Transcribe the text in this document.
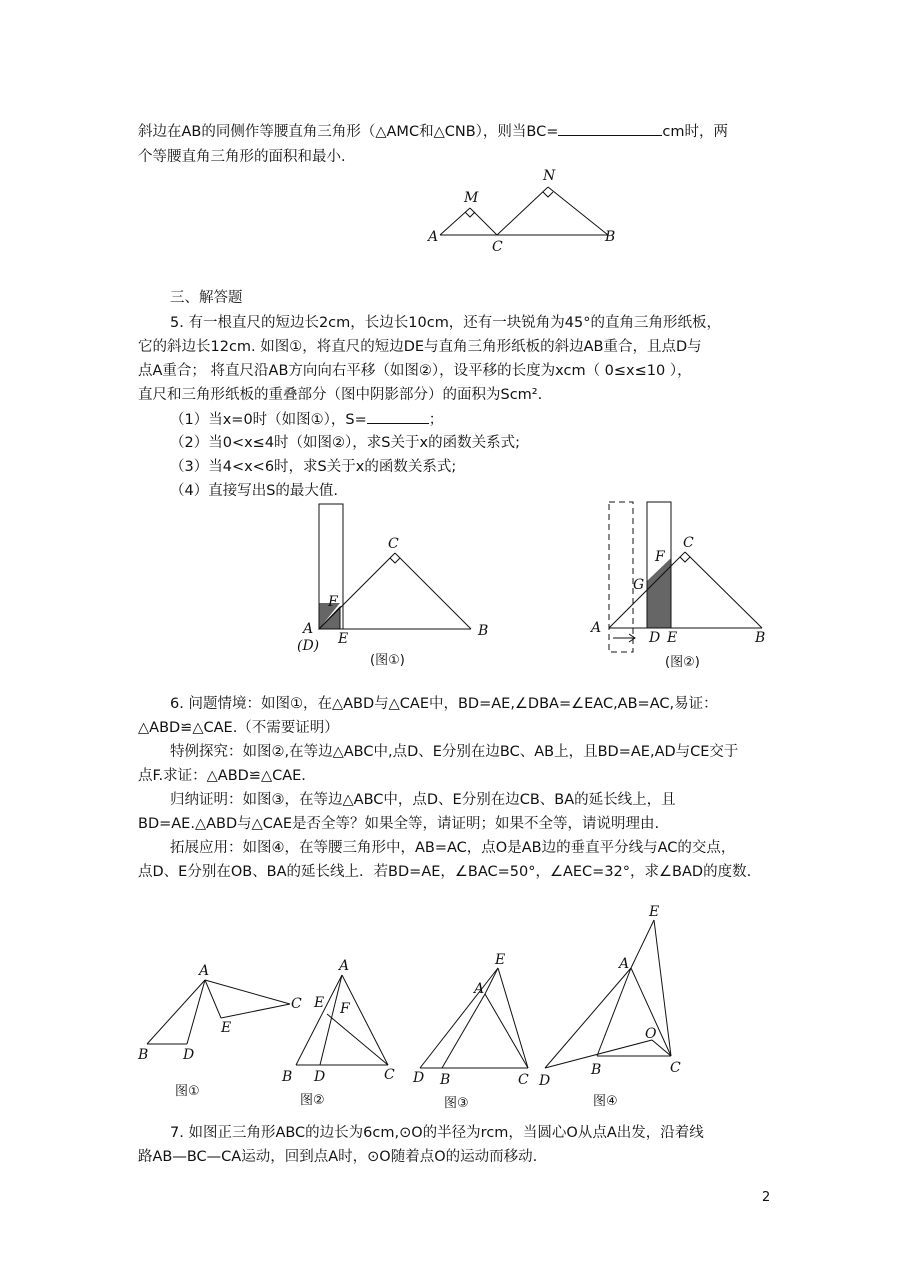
斜边在AB的同侧作等腰直角三角形（△AMC和△CNB），则当BC=	cm时，两
个等腰直角三角形的面积和最小.
A
M
C
N
B
三、解答题
5. 有一根直尺的短边长2cm，长边长10cm，还有一块锐角为45°的直角三角形纸板，
它的斜边长12cm. 如图①，将直尺的短边DE与直角三角形纸板的斜边AB重合，且点D与
点A重合； 将直尺沿AB方向向右平移（如图②），设平移的长度为xcm（ 0≤x≤10 ），
直尺和三角形纸板的重叠部分（图中阴影部分）的面积为Scm².
（1）当x=0时（如图①），S=	；
（2）当0<x≤4时（如图②），求S关于x的函数关系式;
（3）当4<x<6时，求S关于x的函数关系式;
（4）直接写出S的最大值.
C
F
A
(D) E	B
(图①)
C
F
G
A
D E	B
(图②)
6. 问题情境：如图①，在△ABD与△CAE中，BD=AE,∠DBA=∠EAC,AB=AC,易证：
△ABD≌△CAE.（不需要证明）
特例探究：如图②,在等边△ABC中,点D、E分别在边BC、AB上，且BD=AE,AD与CE交于
点F.求证：△ABD≌△CAE.
归纳证明：如图③，在等边△ABC中，点D、E分别在边CB、BA的延长线上，且
BD=AE.△ABD与△CAE是否全等？如果全等，请证明；如果不全等，请说明理由.
拓展应用：如图④，在等腰三角形中，AB=AC，点O是AB边的垂直平分线与AC的交点，
点D、E分别在OB、BA的延长线上．若BD=AE，∠BAC=50°，∠AEC=32°，求∠BAD的度数.
A
B D
E
C
图①
A
E F
B D	C
图②
E
A
D B	C
图③
E
A
O
D
B	C
图④
7. 如图正三角形ABC的边长为6cm,⊙O的半径为rcm，当圆心O从点A出发，沿着线
路AB—BC—CA运动，回到点A时，⊙O随着点O的运动而移动.
2
